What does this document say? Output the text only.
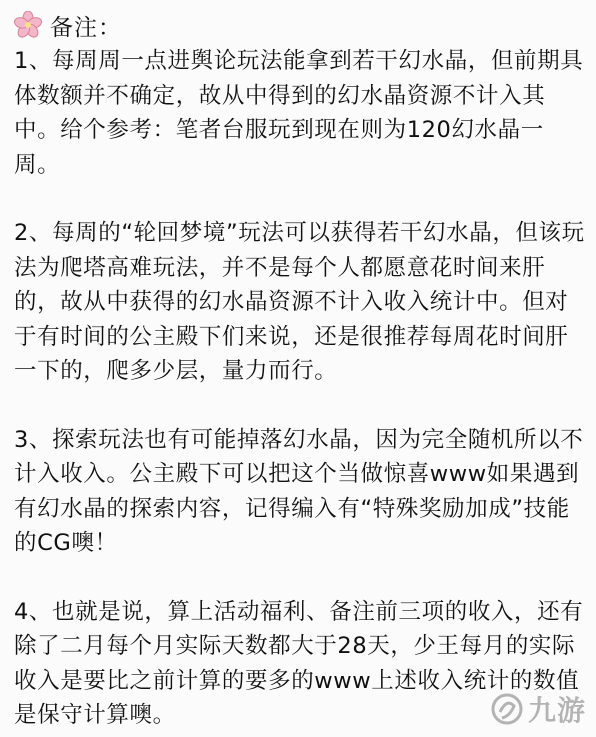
备注：

1、每周周一点进舆论玩法能拿到若干幻水晶，但前期具体数额并不确定，故从中得到的幻水晶资源不计入其中。给个参考：笔者台服玩到现在则为120幻水晶一周。

2、每周的“轮回梦境”玩法可以获得若干幻水晶，但该玩法为爬塔高难玩法，并不是每个人都愿意花时间来肝的，故从中获得的幻水晶资源不计入收入统计中。但对于有时间的公主殿下们来说，还是很推荐每周花时间肝一下的，爬多少层，量力而行。

3、探索玩法也有可能掉落幻水晶，因为完全随机所以不计入收入。公主殿下可以把这个当做惊喜www如果遇到有幻水晶的探索内容，记得编入有“特殊奖励加成”技能的CG噢！

4、也就是说，算上活动福利、备注前三项的收入，还有除了二月每个月实际天数都大于28天，少王每月的实际收入是要比之前计算的要多的www上述收入统计的数值是保守计算噢。	九游
